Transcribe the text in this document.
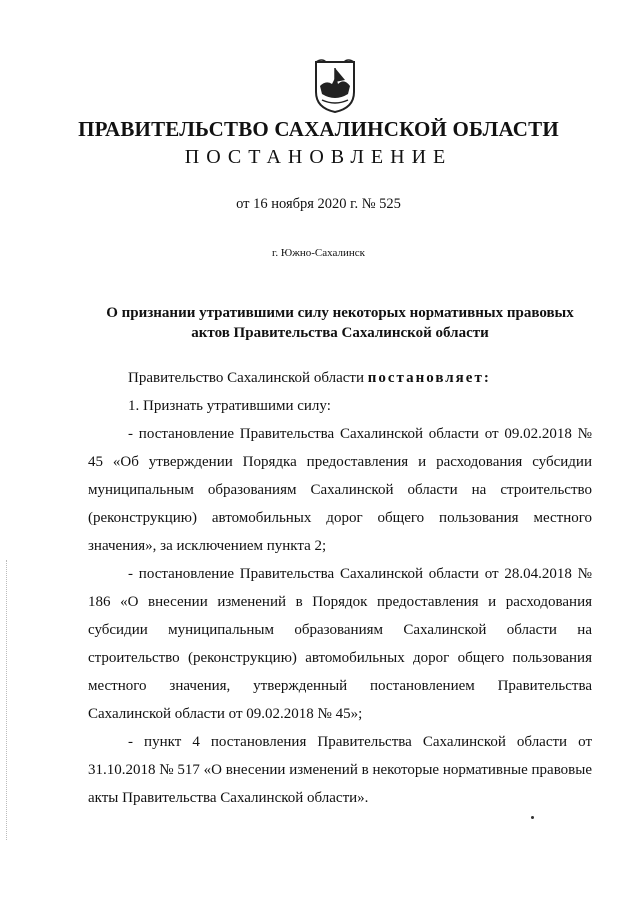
ПРАВИТЕЛЬСТВО САХАЛИНСКОЙ ОБЛАСТИ
ПОСТАНОВЛЕНИЕ
от 16 ноября 2020 г. № 525
г. Южно-Сахалинск
О признании утратившими силу некоторых нормативных правовых
актов Правительства Сахалинской области

Правительство Сахалинской области постановляет:

1. Признать утратившими силу:

- постановление Правительства Сахалинской области от 09.02.2018 № 45 «Об утверждении Порядка предоставления и расходования субсидии муниципальным образованиям Сахалинской области на строительство (реконструкцию) автомобильных дорог общего пользования местного значения», за исключением пункта 2;

- постановление Правительства Сахалинской области от 28.04.2018 № 186 «О внесении изменений в Порядок предоставления и расходования субсидии муниципальным образованиям Сахалинской области на строительство (реконструкцию) автомобильных дорог общего пользования местного значения, утвержденный постановлением Правительства Сахалинской области от 09.02.2018 № 45»;

- пункт 4 постановления Правительства Сахалинской области от 31.10.2018 № 517 «О внесении изменений в некоторые нормативные правовые акты Правительства Сахалинской области».
